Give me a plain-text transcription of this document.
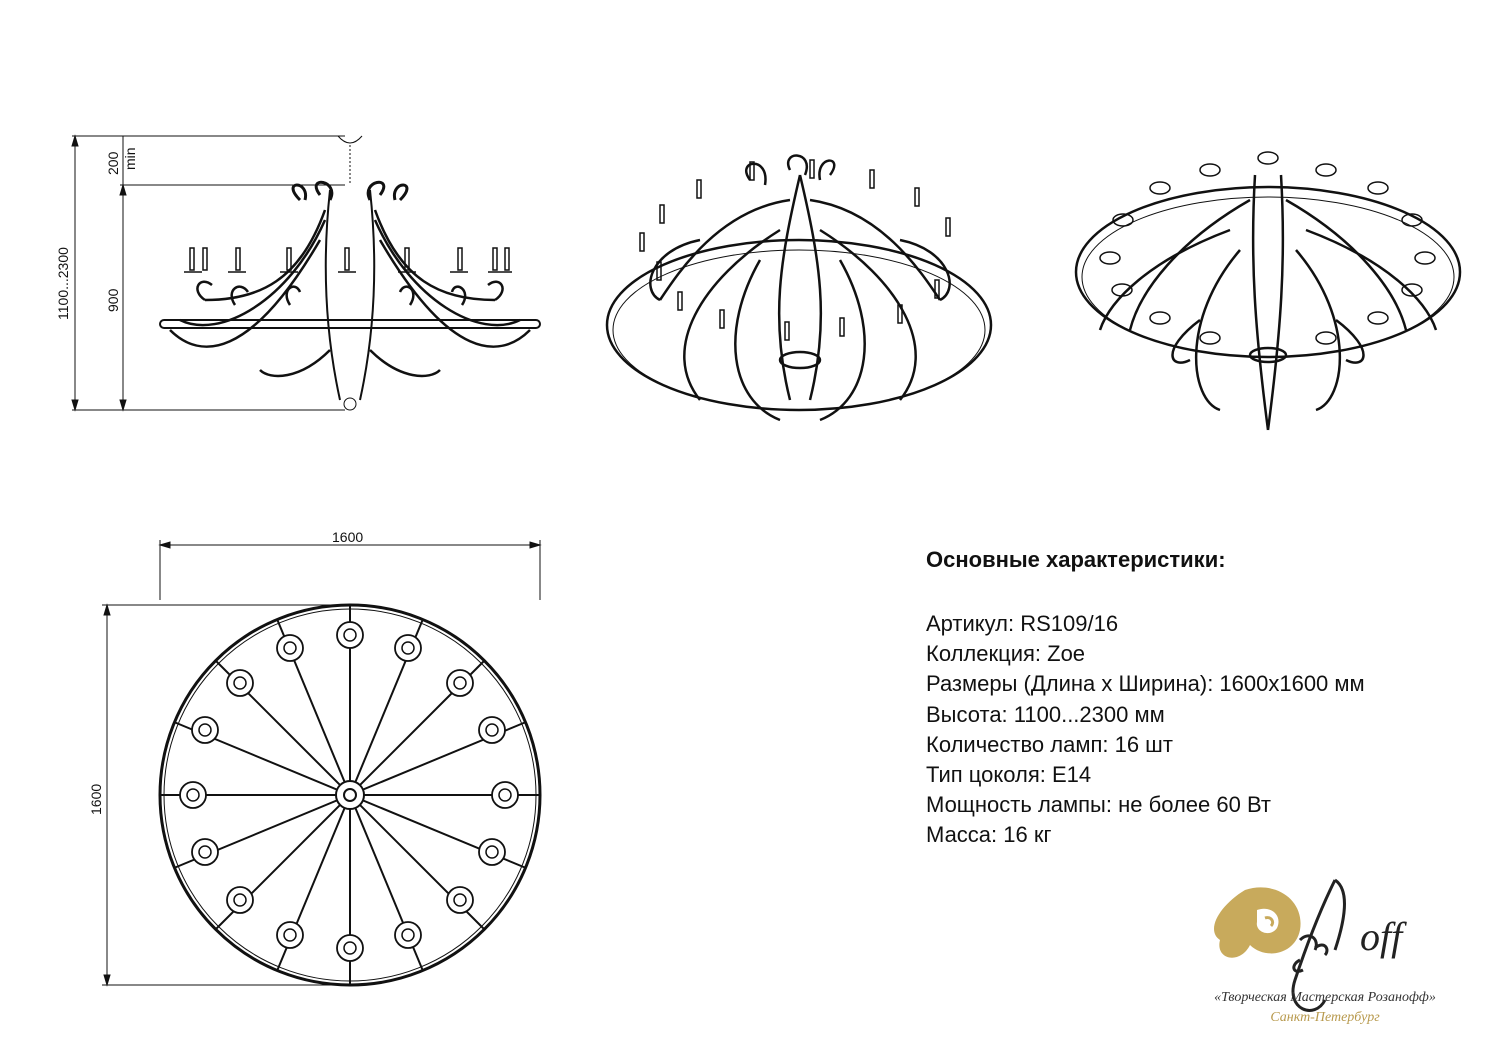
1100...2300
200 min
900
1600
1600
Основные характеристики:
Артикул: RS109/16
Коллекция: Zoe
Размеры (Длина х Ширина): 1600х1600 мм
Высота: 1100...2300 мм
Количество ламп: 16 шт
Тип цоколя: E14
Мощность лампы: не более 60 Вт
Масса: 16 кг
off
«Творческая Мастерская Розанофф»
Санкт-Петербург
